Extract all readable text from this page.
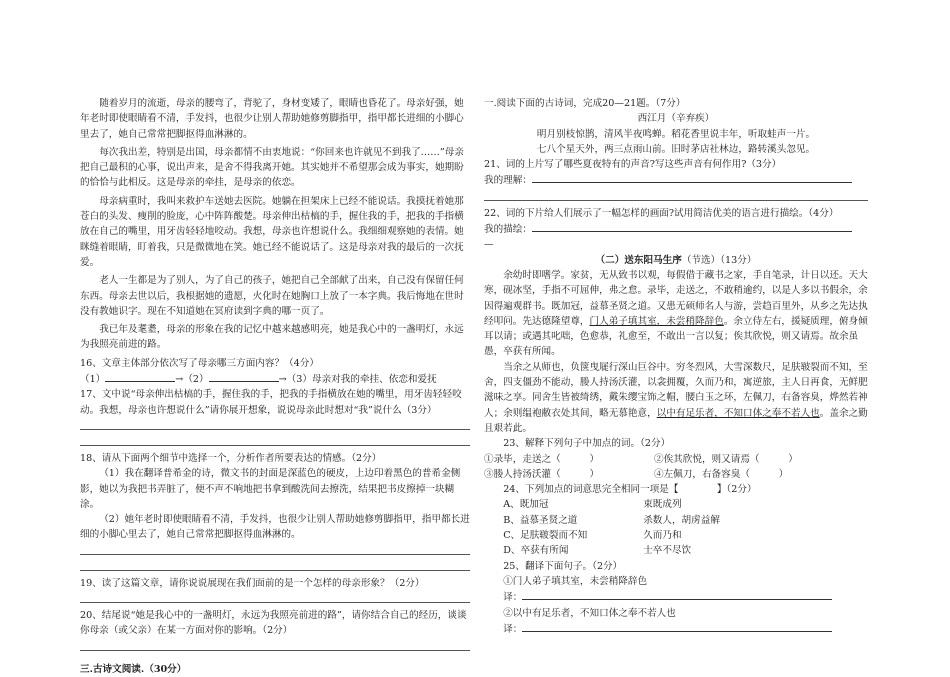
随着岁月的流逝，母亲的腰弯了，背驼了，身材变矮了，眼睛也昏花了。母亲好强，她年老时即使眼睛看不清，手发抖，也很少让别人帮助她修剪脚指甲，指甲都长进细的小脚心里去了，她自己常常把脚抠得血淋淋的。

每次我出差，特别是出国，母亲都情不由衷地说：“你回来也许就见不到我了……”母亲把自己最积的心事，说出声来，是舍不得我离开她。其实她并不希望那会成为事实，她期盼的恰恰与此相反。这是母亲的牵挂，是母亲的依恋。

母亲病重时，我叫来救护车送她去医院。她躺在担架床上已经不能说话。我摸抚着她那苍白的头发、瘦削的脸庞，心中阵阵酸楚。母亲伸出枯槁的手，握住我的手，把我的手指横放在自己的嘴里，用牙齿轻轻地咬动。我想，母亲也许想说什么。我细细观察她的表情。她眯缝着眼睛，盯着我，只是微微地在笑。她已经不能说话了。这是母亲对我的最后的一次抚爱。

老人一生都是为了别人，为了自己的孩子，她把自己全部献了出来，自己没有保留任何东西。母亲去世以后，我根据她的遗愿，火化时在她胸口上放了一本字典。我后悔地在世时没有教她识字。现在不知道她在冥府读到字典的哪一页了。

我已年及耄耋，母亲的形象在我的记忆中越来越感明亮，她是我心中的一盏明灯，永远为我照亮前进的路。

16、文章主体部分依次写了母亲哪三方面内容？（4分）

（1）	→（2）	→（3）母亲对我的牵挂、依恋和爱抚

17、文中说“母亲伸出枯槁的手，握住我的手，把我的手指横放在她的嘴里，用牙齿轻轻咬动。我想，母亲也许想说什么”请你展开想象，说说母亲此时想对“我”说什么（3分）

18、请从下面两个细节中选择一个，分析作者所要表达的情感。（2分）

（1）我在翻译普希金的诗，微文书的封面是深蓝色的硬皮，上边印着黑色的普希金侧影，她以为我把书弄脏了，便不声不响地把书拿到酸洗间去擦洗，结果把书皮擦掉一块糊涂。

（2）她年老时即使眼睛看不清，手发抖，也很少让别人帮助她修剪脚指甲，指甲都长进细的小脚心里去了，她自己常常把脚抠得血淋淋的。

19、读了这篇文章，请你说说展现在我们面前的是一个怎样的母亲形象？（2分）

20、结尾说“她是我心中的一盏明灯，永远为我照亮前进的路”，请你结合自己的经历，谈谈你母亲（或父亲）在某一方面对你的影响。（2分）

三.古诗文阅读.（30分）

一.阅读下面的古诗词，完成20—21题。（7分）

西江月（辛弃疾）

明月别枝惊鹊，清风半夜鸣蝉。稻花香里说丰年，听取蛙声一片。

七八个星天外，两三点雨山前。旧时茅店社林边，路转溪头忽见。

21、词的上片写了哪些夏夜特有的声音?写这些声音有何作用?（3分）

我的理解：

22、词的下片给人们展示了一幅怎样的画面?试用简洁优美的语言进行描绘。（4分）

我的描绘：

—

（二）送东阳马生序（节选）（13分）

余幼时即嗜学。家贫，无从致书以观，每假借于藏书之家，手自笔录，计日以还。天大寒，砚冰坚，手指不可屈伸，弗之怠。录毕，走送之，不敢稍逾约，以是人多以书假余，余因得遍观群书。既加冠，益慕圣贤之道。又患无硕师名人与游，尝趋百里外，从乡之先达执经叩问。先达德隆望尊，门人弟子填其室，未尝稍降辞色。余立侍左右，援疑质理，俯身倾耳以请；或遇其叱咄，色愈恭，礼愈至，不敢出一言以复；俟其欣悦，则又请焉。故余虽愚，卒获有所闻。

当余之从师也，负箧曳屣行深山巨谷中。穷冬烈风，大雪深数尺，足肤皲裂而不知，至舍，四支僵劲不能动，媵人持汤沃灌，以衾拥覆，久而乃和，寓逆旅，主人日再食，无鲜肥滋味之享。同舍生皆被绮绣，戴朱缨宝饰之帽，腰白玉之环，左佩刀，右备容臭，烨然若神人；余则缊袍敝衣处其间，略无慕艳意，以中有足乐者，不知口体之奉不若人也。盖余之勤且艰若此。

23、解释下列句子中加点的词。（2分）

①录毕，走送之（　　　）	②俟其欣悦，则又请焉（　　　）
③媵人持汤沃灌（　　　）	④左佩刀，右备容臭（　　　）

24、下列加点的词意思完全相同一项是【　　　　】（2分）

A、既加冠	束既成列
B、益慕圣贤之道	杀数人，胡虏益解
C、足肤皲裂而不知	久而乃和
D、卒获有所闻	士卒不尽饮

25、翻译下面句子。（2分）

①门人弟子填其室，未尝稍降辞色

译：

②以中有足乐者，不知口体之奉不若人也

译：
